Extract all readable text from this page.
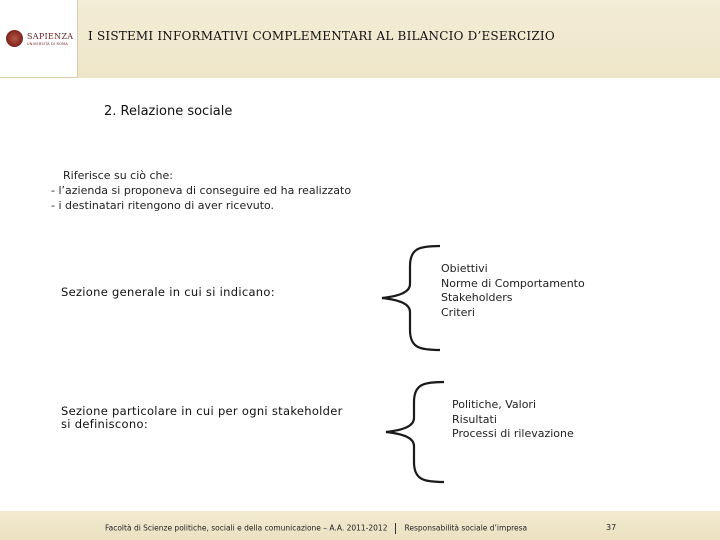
SAPIENZA
UNIVERSITÀ DI ROMA
I SISTEMI INFORMATIVI COMPLEMENTARI AL BILANCIO D’ESERCIZIO
2. Relazione sociale
Riferisce su ciò che:
- l’azienda si proponeva di conseguire ed ha realizzato
- i destinatari ritengono di aver ricevuto.
Sezione generale in cui si indicano:
Obiettivi
Norme di Comportamento
Stakeholders
Criteri
Sezione particolare in cui per ogni stakeholder
si definiscono:
Politiche, Valori
Risultati
Processi di rilevazione
Facoltà di Scienze politiche, sociali e della comunicazione – A.A. 2011-2012 Responsabilità sociale d’impresa	37
